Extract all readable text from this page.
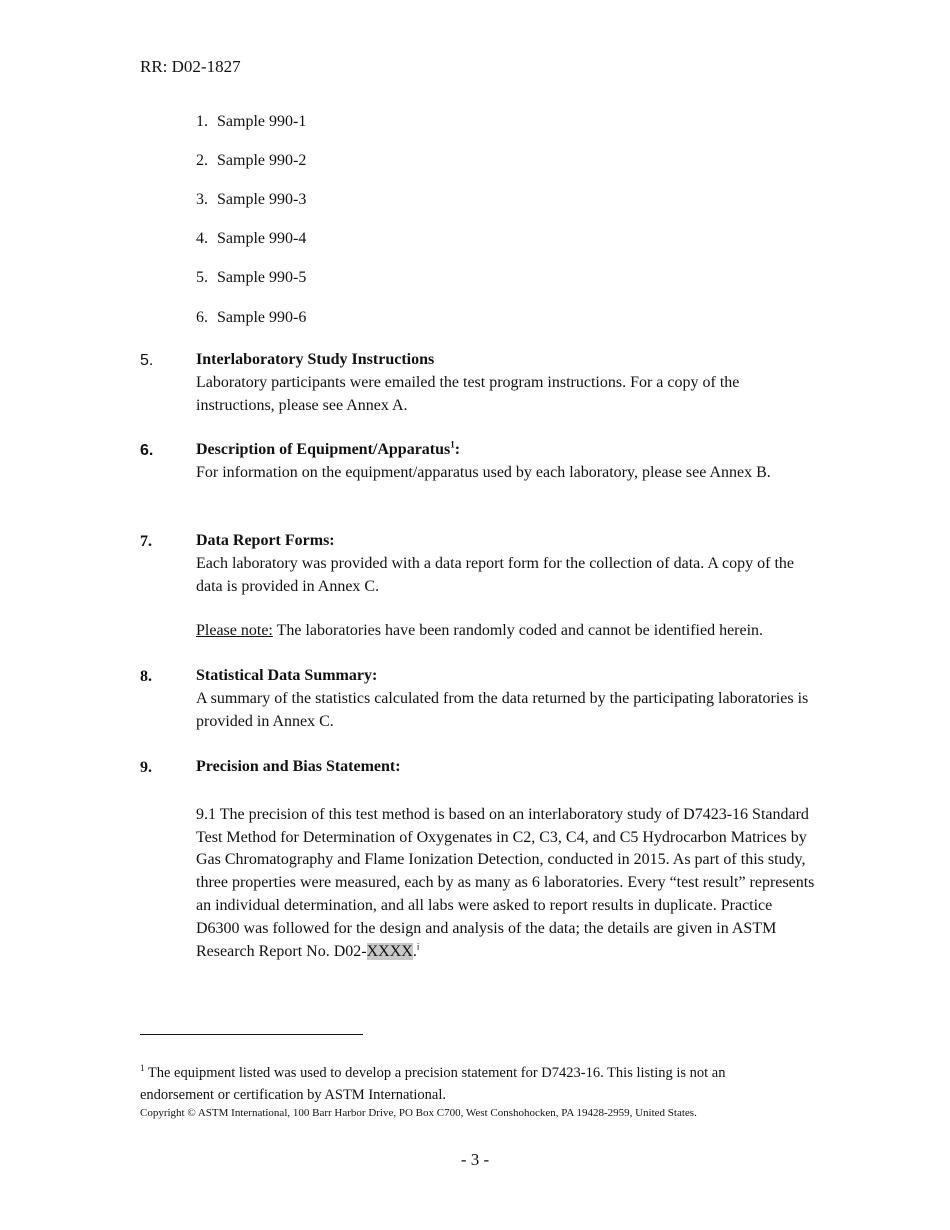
RR: D02-1827
1. Sample 990-1
2. Sample 990-2
3. Sample 990-3
4. Sample 990-4
5. Sample 990-5
6. Sample 990-6
5.	Interlaboratory Study Instructions

Laboratory participants were emailed the test program instructions. For a copy of the instructions, please see Annex A.

6.	Description of Equipment/Apparatus$^1$:

For information on the equipment/apparatus used by each laboratory, please see Annex B.

7.	Data Report Forms:

Each laboratory was provided with a data report form for the collection of data. A copy of the data is provided in Annex C.

Please note: The laboratories have been randomly coded and cannot be identified herein.

8.	Statistical Data Summary:

A summary of the statistics calculated from the data returned by the participating laboratories is provided in Annex C.

9.	Precision and Bias Statement:

9.1 The precision of this test method is based on an interlaboratory study of D7423-16 Standard Test Method for Determination of Oxygenates in C2, C3, C4, and C5 Hydrocarbon Matrices by Gas Chromatography and Flame Ionization Detection, conducted in 2015. As part of this study, three properties were measured, each by as many as 6 laboratories. Every “test result” represents an individual determination, and all labs were asked to report results in duplicate. Practice D6300 was followed for the design and analysis of the data; the details are given in ASTM Research Report No. D02-XXXX.$^i$

$^1$ The equipment listed was used to develop a precision statement for D7423-16. This listing is not an endorsement or certification by ASTM International.
Copyright © ASTM International, 100 Barr Harbor Drive, PO Box C700, West Conshohocken, PA 19428-2959, United States.
- 3 -
